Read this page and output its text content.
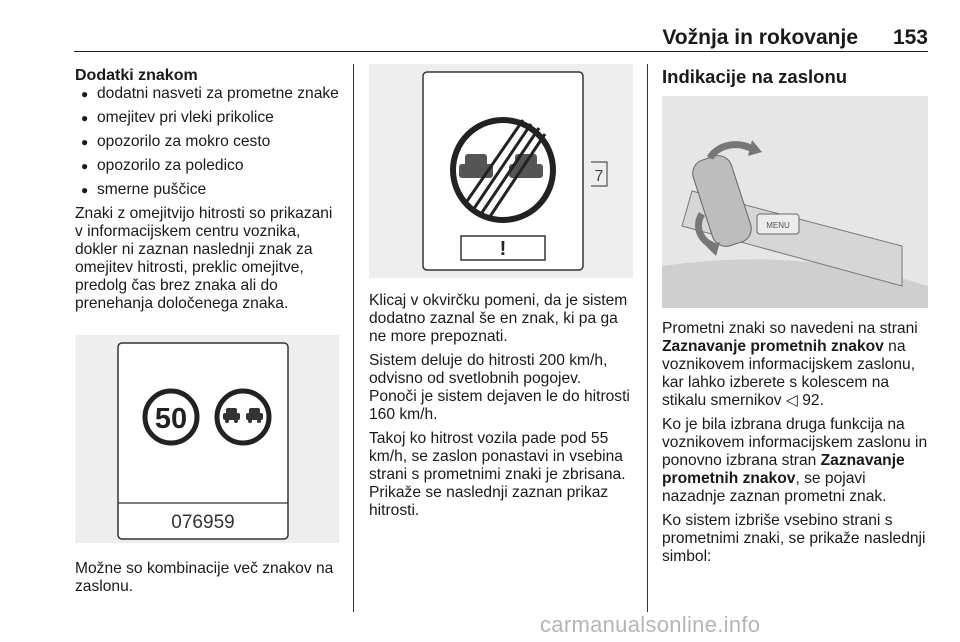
Vožnja in rokovanje 153
Dodatki znakom
● dodatni nasveti za prometne znake
● omejitev pri vleki prikolice
● opozorilo za mokro cesto
● opozorilo za poledico
● smerne puščice

Znaki z omejitvijo hitrosti so prikazani v informacijskem centru voznika, dokler ni zaznan naslednji znak za omejitev hitrosti, preklic omejitve, predolg čas brez znaka ali do prenehanja določenega znaka.

50
076959

Možne so kombinacije več znakov na zaslonu.

!
7

Klicaj v okvirčku pomeni, da je sistem dodatno zaznal še en znak, ki pa ga ne more prepoznati.

Sistem deluje do hitrosti 200 km/h, odvisno od svetlobnih pogojev. Ponoči je sistem dejaven le do hitrosti 160 km/h.

Takoj ko hitrost vozila pade pod 55 km/h, se zaslon ponastavi in vsebina strani s prometnimi znaki je zbrisana. Prikaže se naslednji zaznan prikaz hitrosti.

Indikacije na zaslonu
MENU

Prometni znaki so navedeni na strani Zaznavanje prometnih znakov na voznikovem informacijskem zaslonu, kar lahko izberete s kolescem na stikalu smernikov ◁ 92.

Ko je bila izbrana druga funkcija na voznikovem informacijskem zaslonu in ponovno izbrana stran Zaznavanje prometnih znakov, se pojavi nazadnje zaznan prometni znak.

Ko sistem izbriše vsebino strani s prometnimi znaki, se prikaže naslednji simbol:

carmanualsonline.info
